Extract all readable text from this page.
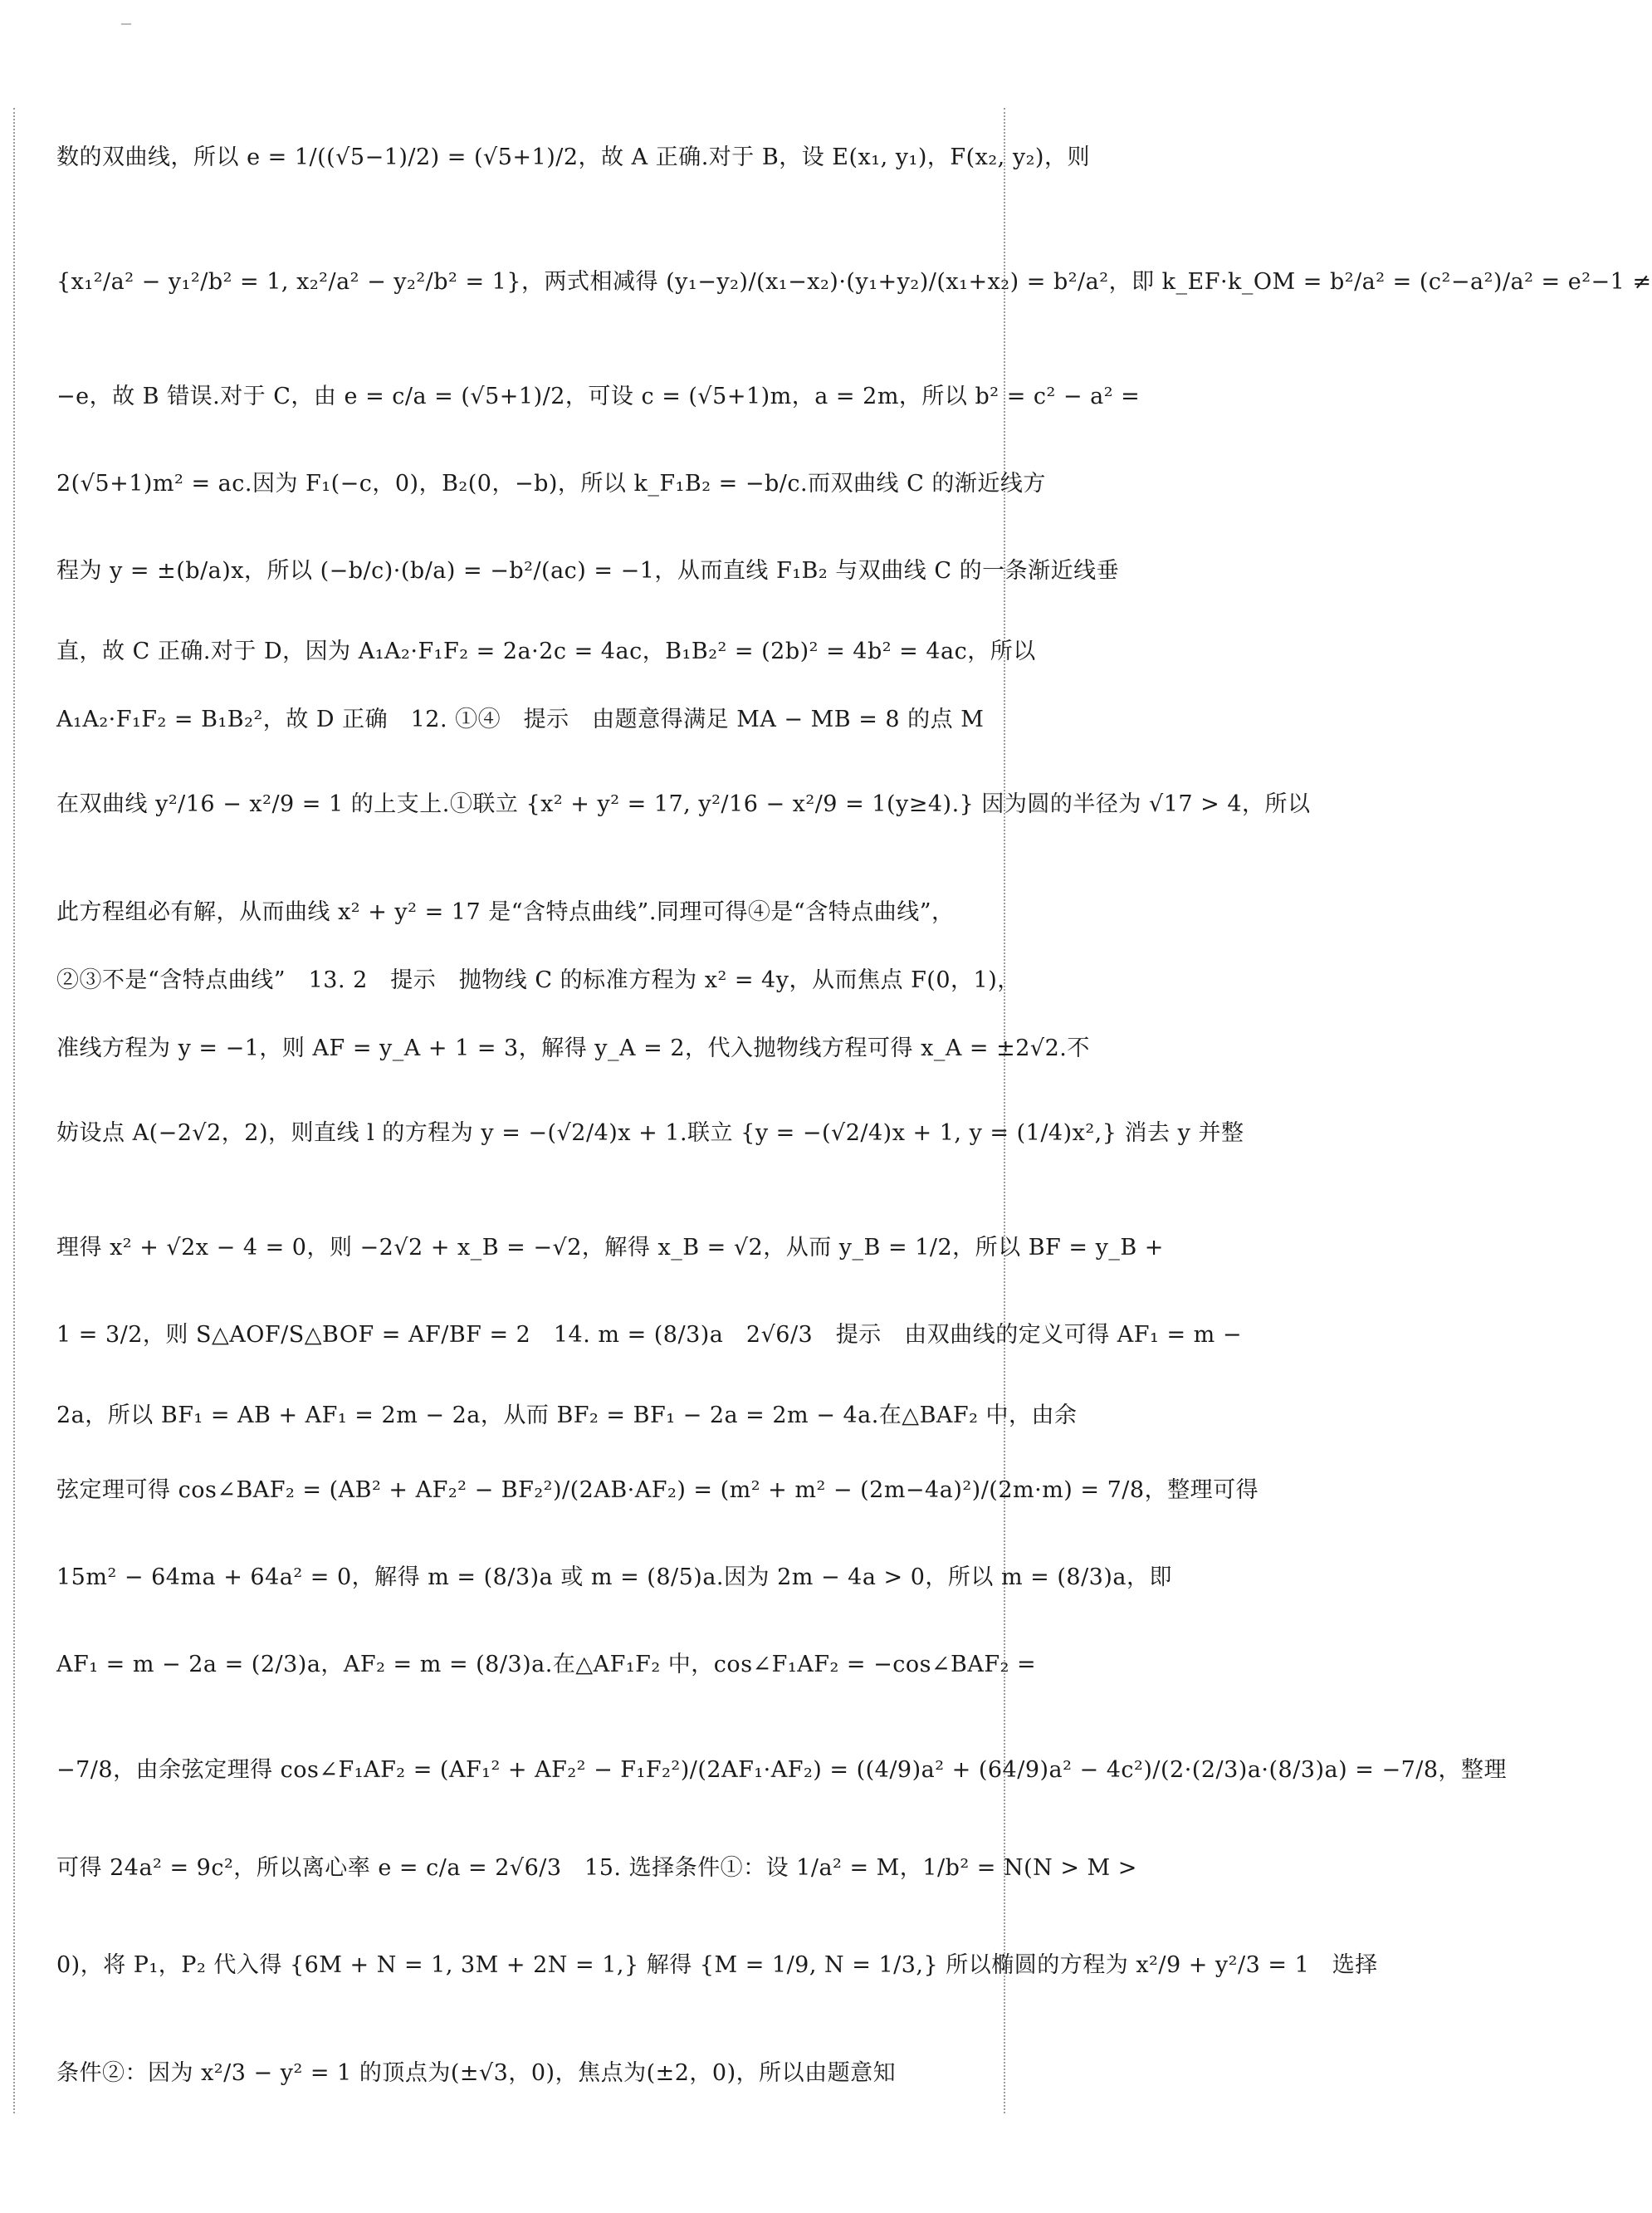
数的双曲线，所以 e = 1/((√5−1)/2) = (√5+1)/2，故 A 正确.对于 B，设 E(x₁, y₁)，F(x₂, y₂)，则

{x₁²/a² − y₁²/b² = 1, x₂²/a² − y₂²/b² = 1}，两式相减得 (y₁−y₂)/(x₁−x₂)·(y₁+y₂)/(x₁+x₂) = b²/a²，即 k_EF·k_OM = b²/a² = (c²−a²)/a² = e²−1 ≠

−e，故 B 错误.对于 C，由 e = c/a = (√5+1)/2，可设 c = (√5+1)m，a = 2m，所以 b² = c² − a² =

2(√5+1)m² = ac.因为 F₁(−c，0)，B₂(0，−b)，所以 k_F₁B₂ = −b/c.而双曲线 C 的渐近线方

程为 y = ±(b/a)x，所以 (−b/c)·(b/a) = −b²/(ac) = −1，从而直线 F₁B₂ 与双曲线 C 的一条渐近线垂

直，故 C 正确.对于 D，因为 A₁A₂·F₁F₂ = 2a·2c = 4ac，B₁B₂² = (2b)² = 4b² = 4ac，所以

A₁A₂·F₁F₂ = B₁B₂²，故 D 正确　12. ①④　提示　由题意得满足 MA − MB = 8 的点 M

在双曲线 y²/16 − x²/9 = 1 的上支上.①联立 {x² + y² = 17, y²/16 − x²/9 = 1(y≥4).} 因为圆的半径为 √17 > 4，所以

此方程组必有解，从而曲线 x² + y² = 17 是“含特点曲线”.同理可得④是“含特点曲线”，

②③不是“含特点曲线”　13. 2　提示　抛物线 C 的标准方程为 x² = 4y，从而焦点 F(0，1)，

准线方程为 y = −1，则 AF = y_A + 1 = 3，解得 y_A = 2，代入抛物线方程可得 x_A = ±2√2.不

妨设点 A(−2√2，2)，则直线 l 的方程为 y = −(√2/4)x + 1.联立 {y = −(√2/4)x + 1, y = (1/4)x²,} 消去 y 并整

理得 x² + √2x − 4 = 0，则 −2√2 + x_B = −√2，解得 x_B = √2，从而 y_B = 1/2，所以 BF = y_B +

1 = 3/2，则 S△AOF/S△BOF = AF/BF = 2　14. m = (8/3)a　2√6/3　提示　由双曲线的定义可得 AF₁ = m −

2a，所以 BF₁ = AB + AF₁ = 2m − 2a，从而 BF₂ = BF₁ − 2a = 2m − 4a.在△BAF₂ 中，由余

弦定理可得 cos∠BAF₂ = (AB² + AF₂² − BF₂²)/(2AB·AF₂) = (m² + m² − (2m−4a)²)/(2m·m) = 7/8，整理可得

15m² − 64ma + 64a² = 0，解得 m = (8/3)a 或 m = (8/5)a.因为 2m − 4a > 0，所以 m = (8/3)a，即

AF₁ = m − 2a = (2/3)a，AF₂ = m = (8/3)a.在△AF₁F₂ 中，cos∠F₁AF₂ = −cos∠BAF₂ =

−7/8，由余弦定理得 cos∠F₁AF₂ = (AF₁² + AF₂² − F₁F₂²)/(2AF₁·AF₂) = ((4/9)a² + (64/9)a² − 4c²)/(2·(2/3)a·(8/3)a) = −7/8，整理

可得 24a² = 9c²，所以离心率 e = c/a = 2√6/3　15. 选择条件①：设 1/a² = M，1/b² = N(N > M >

0)，将 P₁，P₂ 代入得 {6M + N = 1, 3M + 2N = 1,} 解得 {M = 1/9, N = 1/3,} 所以椭圆的方程为 x²/9 + y²/3 = 1　选择

条件②：因为 x²/3 − y² = 1 的顶点为(±√3，0)，焦点为(±2，0)，所以由题意知
